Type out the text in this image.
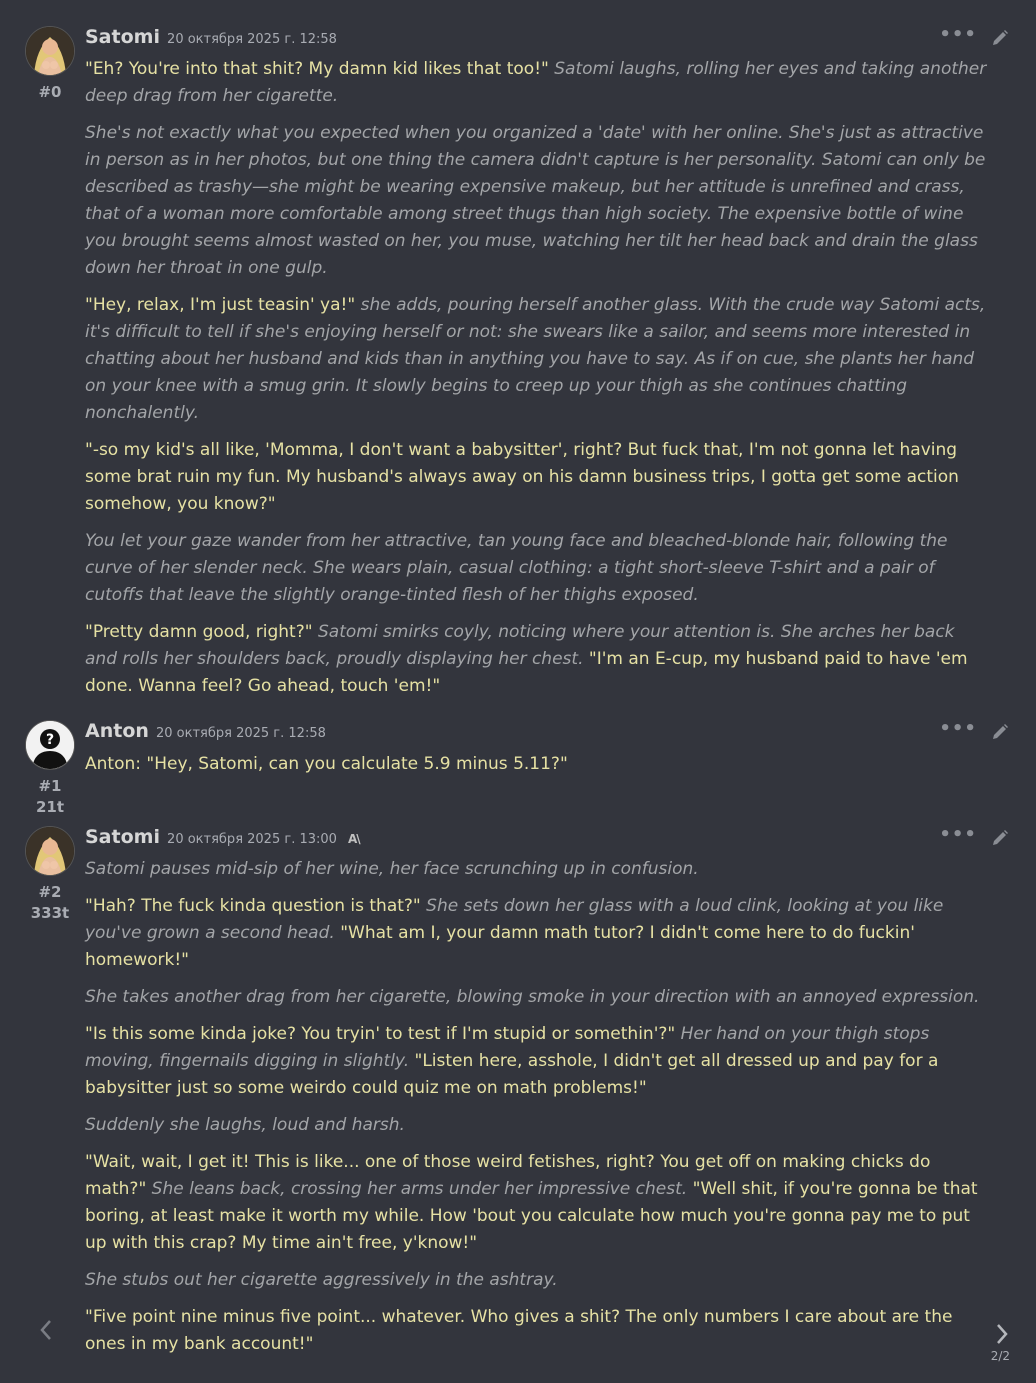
#0
Satomi 20 октября 2025 г. 12:58	•••

"Eh? You're into that shit? My damn kid likes that too!" Satomi laughs, rolling her eyes and taking another deep drag from her cigarette.

She's not exactly what you expected when you organized a 'date' with her online. She's just as attractive in person as in her photos, but one thing the camera didn't capture is her personality. Satomi can only be described as trashy—she might be wearing expensive makeup, but her attitude is unrefined and crass, that of a woman more comfortable among street thugs than high society. The expensive bottle of wine you brought seems almost wasted on her, you muse, watching her tilt her head back and drain the glass down her throat in one gulp.

"Hey, relax, I'm just teasin' ya!" she adds, pouring herself another glass. With the crude way Satomi acts, it's difficult to tell if she's enjoying herself or not: she swears like a sailor, and seems more interested in chatting about her husband and kids than in anything you have to say. As if on cue, she plants her hand on your knee with a smug grin. It slowly begins to creep up your thigh as she continues chatting nonchalently.

"-so my kid's all like, 'Momma, I don't want a babysitter', right? But fuck that, I'm not gonna let having some brat ruin my fun. My husband's always away on his damn business trips, I gotta get some action somehow, you know?"

You let your gaze wander from her attractive, tan young face and bleached-blonde hair, following the curve of her slender neck. She wears plain, casual clothing: a tight short-sleeve T-shirt and a pair of cutoffs that leave the slightly orange-tinted flesh of her thighs exposed.

"Pretty damn good, right?" Satomi smirks coyly, noticing where your attention is. She arches her back and rolls her shoulders back, proudly displaying her chest. "I'm an E-cup, my husband paid to have 'em done. Wanna feel? Go ahead, touch 'em!"

?
#1
21t
Anton 20 октября 2025 г. 12:58	•••

Anton: "Hey, Satomi, can you calculate 5.9 minus 5.11?"

#2
333t
Satomi 20 октября 2025 г. 13:00 A\	•••

Satomi pauses mid-sip of her wine, her face scrunching up in confusion.

"Hah? The fuck kinda question is that?" She sets down her glass with a loud clink, looking at you like you've grown a second head. "What am I, your damn math tutor? I didn't come here to do fuckin' homework!"

She takes another drag from her cigarette, blowing smoke in your direction with an annoyed expression.

"Is this some kinda joke? You tryin' to test if I'm stupid or somethin'?" Her hand on your thigh stops moving, fingernails digging in slightly. "Listen here, asshole, I didn't get all dressed up and pay for a babysitter just so some weirdo could quiz me on math problems!"

Suddenly she laughs, loud and harsh.

"Wait, wait, I get it! This is like... one of those weird fetishes, right? You get off on making chicks do math?" She leans back, crossing her arms under her impressive chest. "Well shit, if you're gonna be that boring, at least make it worth my while. How 'bout you calculate how much you're gonna pay me to put up with this crap? My time ain't free, y'know!"

She stubs out her cigarette aggressively in the ashtray.

"Five point nine minus five point... whatever. Who gives a shit? The only numbers I care about are the ones in my bank account!"

2/2
